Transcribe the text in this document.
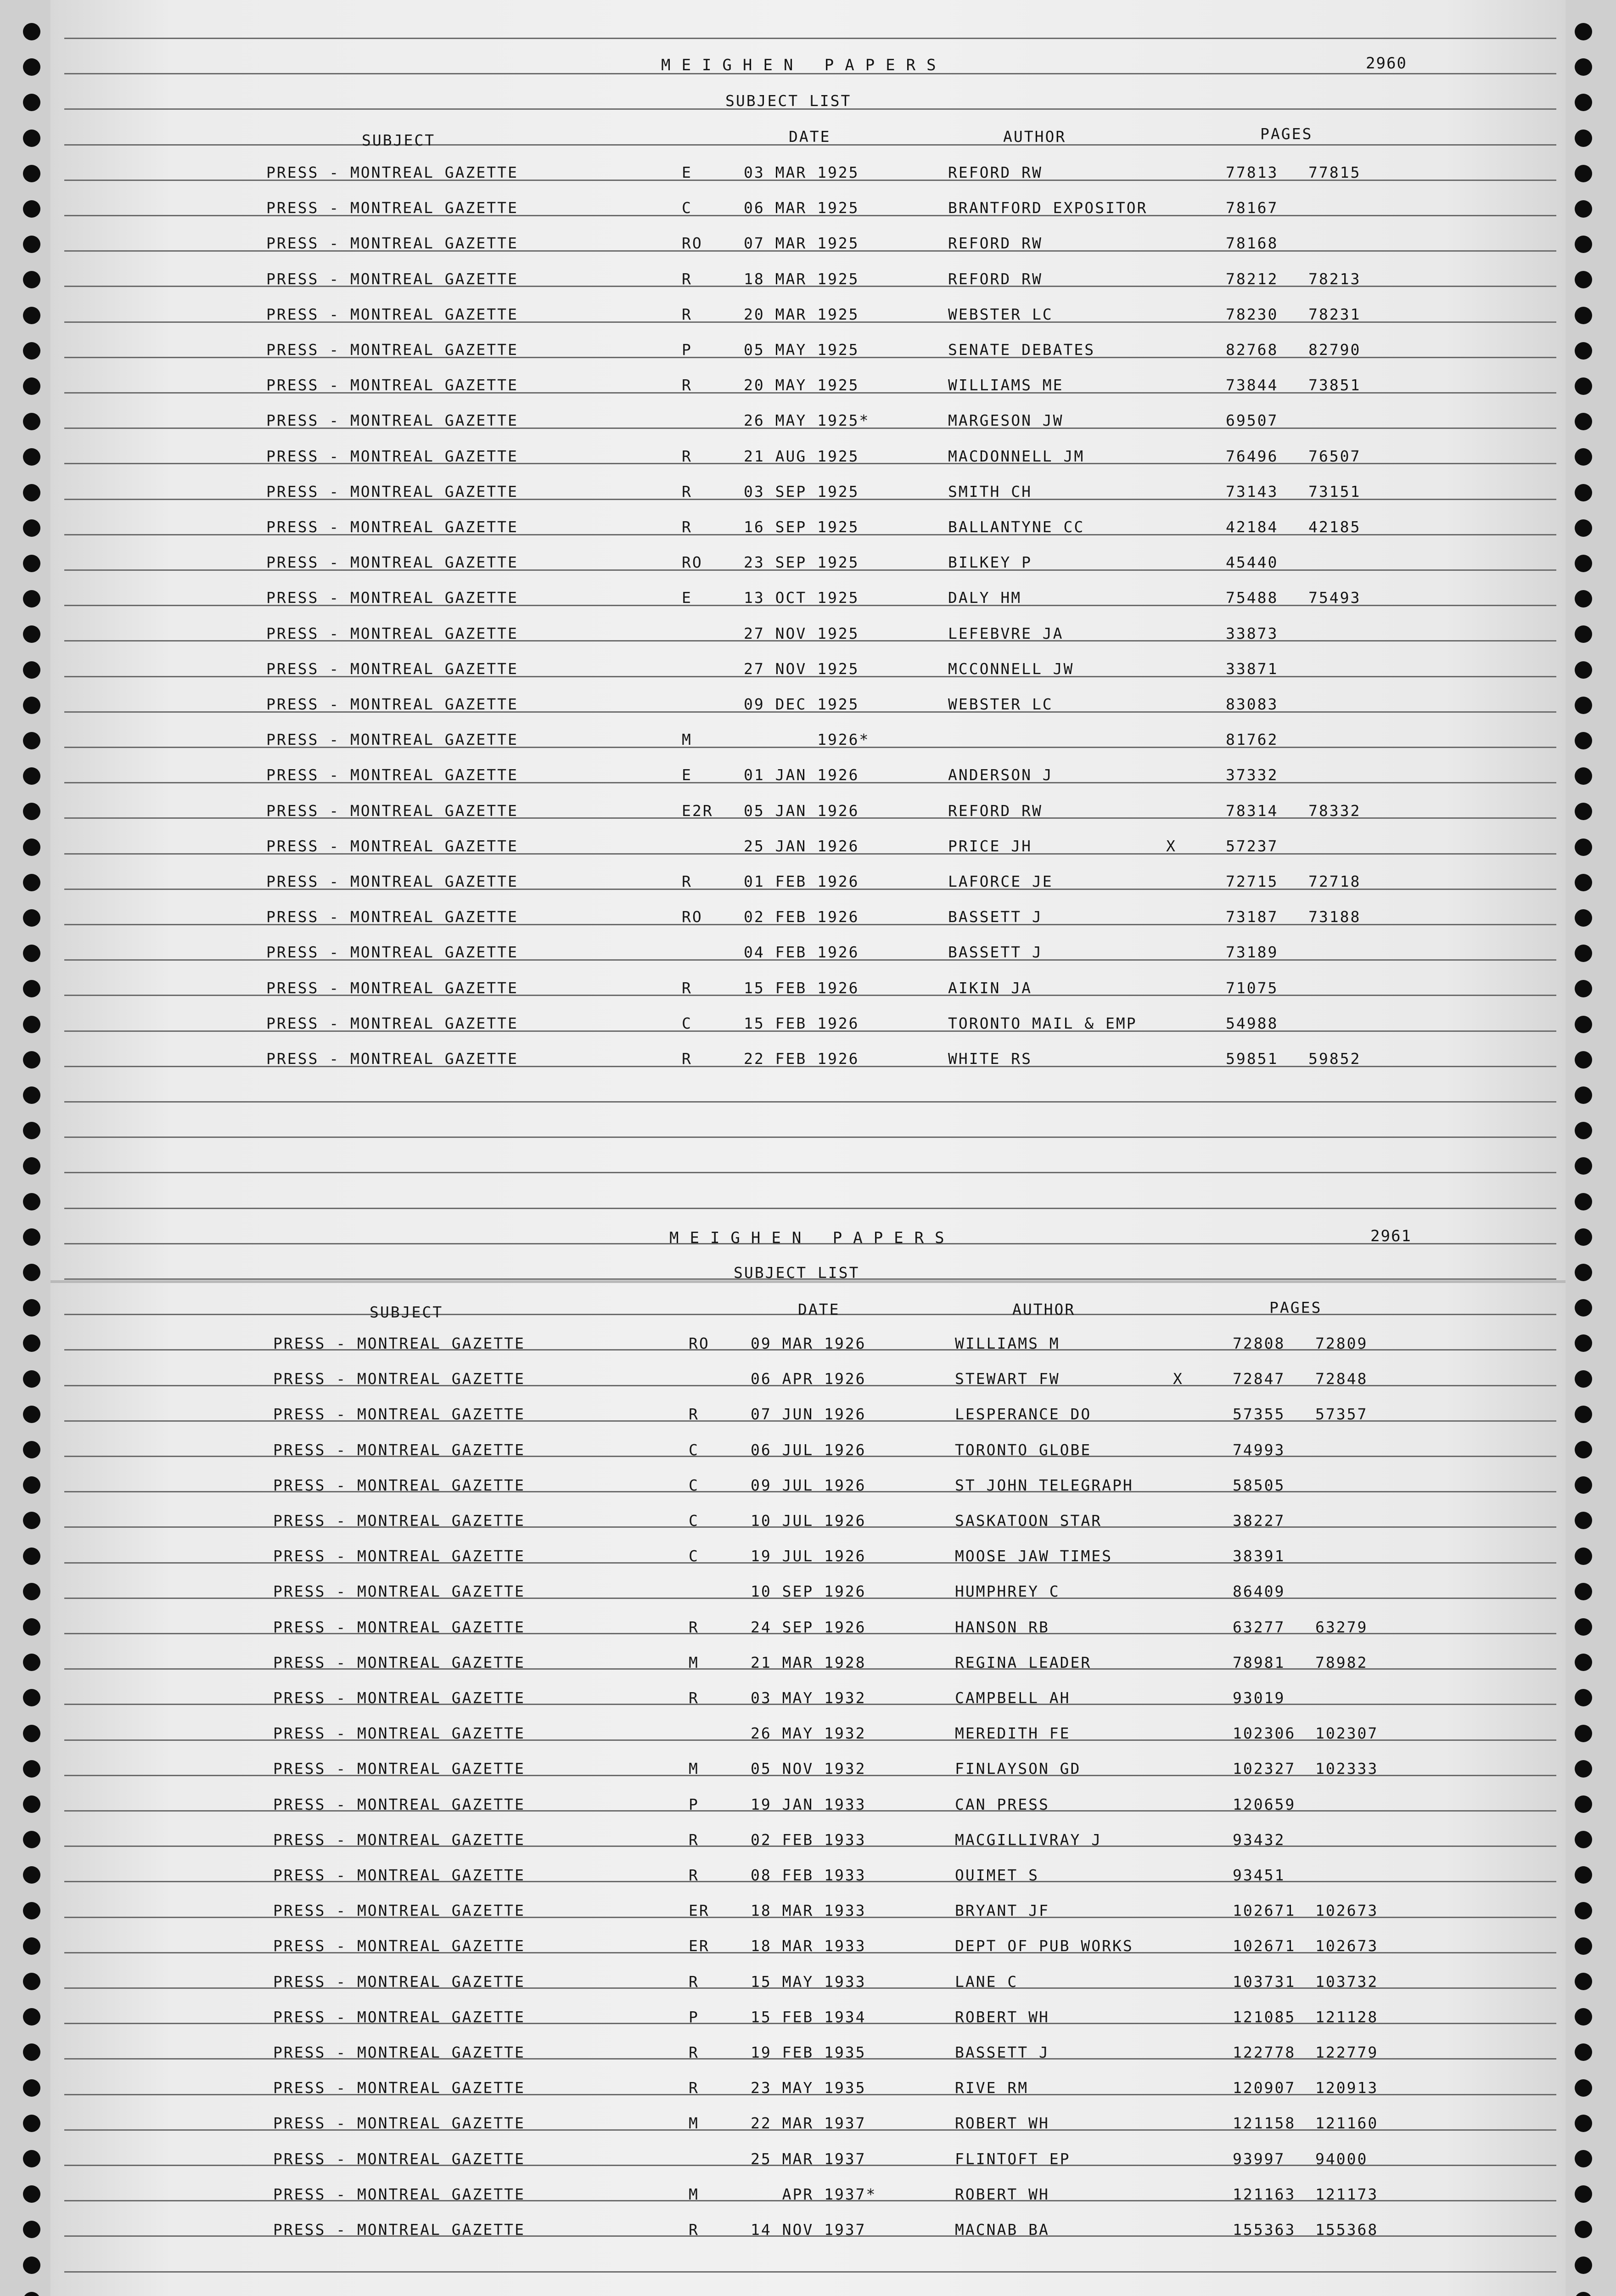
MEIGHEN PAPERS	2960
SUBJECT LIST
SUBJECT	DATE	AUTHOR	PAGES
PRESS - MONTREAL GAZETTE	E	03 MAR 1925	REFORD RW	77813 77815
PRESS - MONTREAL GAZETTE	C	06 MAR 1925	BRANTFORD EXPOSITOR	78167
PRESS - MONTREAL GAZETTE	RO	07 MAR 1925	REFORD RW	78168
PRESS - MONTREAL GAZETTE	R	18 MAR 1925	REFORD RW	78212 78213
PRESS - MONTREAL GAZETTE	R	20 MAR 1925	WEBSTER LC	78230 78231
PRESS - MONTREAL GAZETTE	P	05 MAY 1925	SENATE DEBATES	82768 82790
PRESS - MONTREAL GAZETTE	R	20 MAY 1925	WILLIAMS ME	73844 73851
PRESS - MONTREAL GAZETTE	26 MAY 1925*	MARGESON JW	69507
PRESS - MONTREAL GAZETTE	R	21 AUG 1925	MACDONNELL JM	76496 76507
PRESS - MONTREAL GAZETTE	R	03 SEP 1925	SMITH CH	73143 73151
PRESS - MONTREAL GAZETTE	R	16 SEP 1925	BALLANTYNE CC	42184 42185
PRESS - MONTREAL GAZETTE	RO	23 SEP 1925	BILKEY P	45440
PRESS - MONTREAL GAZETTE	E	13 OCT 1925	DALY HM	75488 75493
PRESS - MONTREAL GAZETTE	27 NOV 1925	LEFEBVRE JA	33873
PRESS - MONTREAL GAZETTE	27 NOV 1925	MCCONNELL JW	33871
PRESS - MONTREAL GAZETTE	09 DEC 1925	WEBSTER LC	83083
PRESS - MONTREAL GAZETTE	M	1926*	81762
PRESS - MONTREAL GAZETTE	E	01 JAN 1926	ANDERSON J	37332
PRESS - MONTREAL GAZETTE	E2R 05 JAN 1926	REFORD RW	78314 78332
PRESS - MONTREAL GAZETTE	25 JAN 1926	PRICE JH	X	57237
PRESS - MONTREAL GAZETTE	R	01 FEB 1926	LAFORCE JE	72715 72718
PRESS - MONTREAL GAZETTE	RO	02 FEB 1926	BASSETT J	73187 73188
PRESS - MONTREAL GAZETTE	04 FEB 1926	BASSETT J	73189
PRESS - MONTREAL GAZETTE	R	15 FEB 1926	AIKIN JA	71075
PRESS - MONTREAL GAZETTE	C	15 FEB 1926	TORONTO MAIL & EMP	54988
PRESS - MONTREAL GAZETTE	R	22 FEB 1926	WHITE RS	59851 59852
MEIGHEN PAPERS	2961
SUBJECT LIST
SUBJECT	DATE	AUTHOR	PAGES
PRESS - MONTREAL GAZETTE	RO	09 MAR 1926	WILLIAMS M	72808 72809
PRESS - MONTREAL GAZETTE	06 APR 1926	STEWART FW	X	72847 72848
PRESS - MONTREAL GAZETTE	R	07 JUN 1926	LESPERANCE DO	57355 57357
PRESS - MONTREAL GAZETTE	C	06 JUL 1926	TORONTO GLOBE	74993
PRESS - MONTREAL GAZETTE	C	09 JUL 1926	ST JOHN TELEGRAPH	58505
PRESS - MONTREAL GAZETTE	C	10 JUL 1926	SASKATOON STAR	38227
PRESS - MONTREAL GAZETTE	C	19 JUL 1926	MOOSE JAW TIMES	38391
PRESS - MONTREAL GAZETTE	10 SEP 1926	HUMPHREY C	86409
PRESS - MONTREAL GAZETTE	R	24 SEP 1926	HANSON RB	63277 63279
PRESS - MONTREAL GAZETTE	M	21 MAR 1928	REGINA LEADER	78981 78982
PRESS - MONTREAL GAZETTE	R	03 MAY 1932	CAMPBELL AH	93019
PRESS - MONTREAL GAZETTE	26 MAY 1932	MEREDITH FE	102306 102307
PRESS - MONTREAL GAZETTE	M	05 NOV 1932	FINLAYSON GD	102327 102333
PRESS - MONTREAL GAZETTE	P	19 JAN 1933	CAN PRESS	120659
PRESS - MONTREAL GAZETTE	R	02 FEB 1933	MACGILLIVRAY J	93432
PRESS - MONTREAL GAZETTE	R	08 FEB 1933	OUIMET S	93451
PRESS - MONTREAL GAZETTE	ER	18 MAR 1933	BRYANT JF	102671 102673
PRESS - MONTREAL GAZETTE	ER	18 MAR 1933	DEPT OF PUB WORKS	102671 102673
PRESS - MONTREAL GAZETTE	R	15 MAY 1933	LANE C	103731 103732
PRESS - MONTREAL GAZETTE	P	15 FEB 1934	ROBERT WH	121085 121128
PRESS - MONTREAL GAZETTE	R	19 FEB 1935	BASSETT J	122778 122779
PRESS - MONTREAL GAZETTE	R	23 MAY 1935	RIVE RM	120907 120913
PRESS - MONTREAL GAZETTE	M	22 MAR 1937	ROBERT WH	121158 121160
PRESS - MONTREAL GAZETTE	25 MAR 1937	FLINTOFT EP	93997 94000
PRESS - MONTREAL GAZETTE	M	APR 1937*	ROBERT WH	121163 121173
PRESS - MONTREAL GAZETTE	R	14 NOV 1937	MACNAB BA	155363 155368
